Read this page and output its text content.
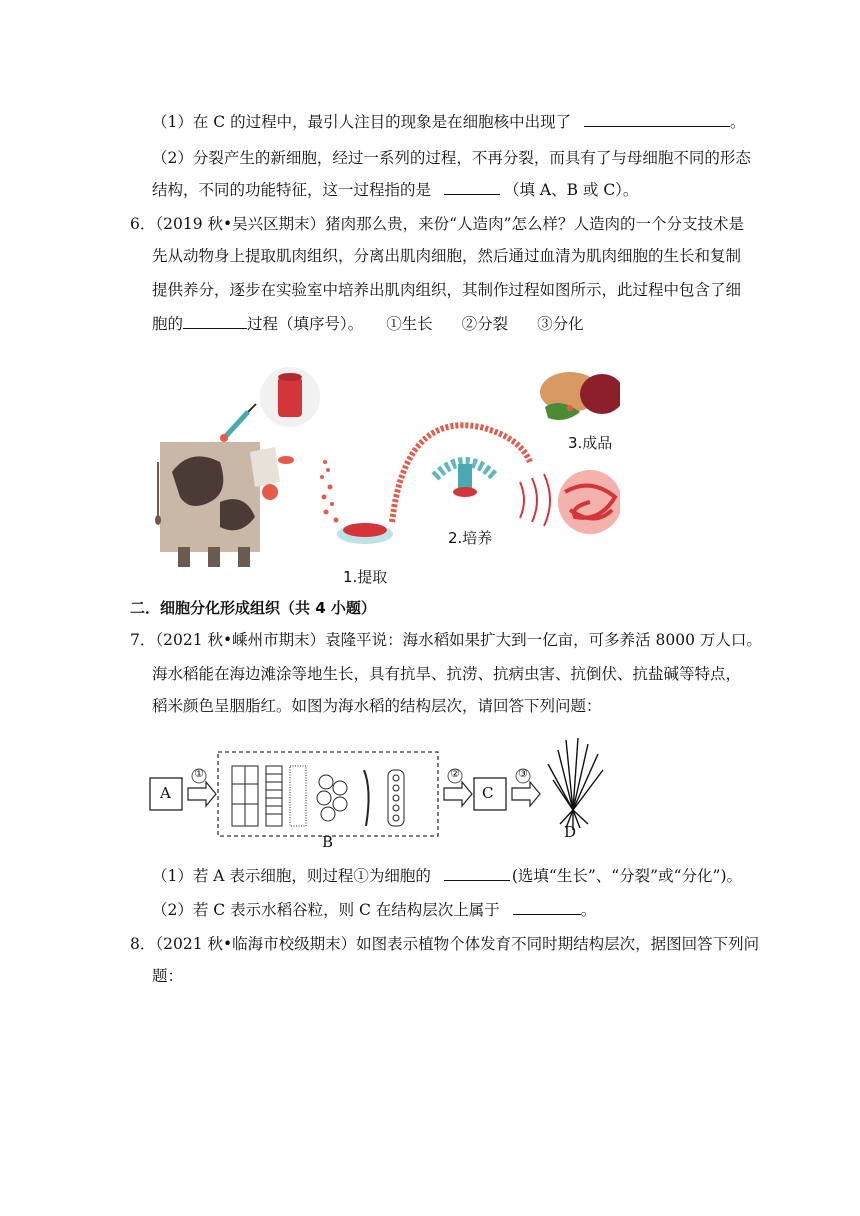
（1）在 C 的过程中，最引人注目的现象是在细胞核中出现了	。
（2）分裂产生的新细胞，经过一系列的过程，不再分裂，而具有了与母细胞不同的形态
结构，不同的功能特征，这一过程指的是	（填 A、B 或 C）。
6．（2019 秋•吴兴区期末）猪肉那么贵，来份“人造肉”怎么样？人造肉的一个分支技术是
先从动物身上提取肌肉组织，分离出肌肉细胞，然后通过血清为肌肉细胞的生长和复制
提供养分，逐步在实验室中培养出肌肉组织，其制作过程如图所示，此过程中包含了细
胞的	过程（填序号）。 ①生长 ②分裂 ③分化
3.成品
2.培养
1.提取
二．细胞分化形成组织（共 4 小题）
7．（2021 秋•嵊州市期末）袁隆平说：海水稻如果扩大到一亿亩，可多养活 8000 万人口。
海水稻能在海边滩涂等地生长，具有抗旱、抗涝、抗病虫害、抗倒伏、抗盐碱等特点，
稻米颜色呈胭脂红。如图为海水稻的结构层次，请回答下列问题：
A
①
C
②	③
B
D
（1）若 A 表示细胞，则过程①为细胞的	(选填“生长”、“分裂”或“分化”)。
（2）若 C 表示水稻谷粒，则 C 在结构层次上属于	。
8．（2021 秋•临海市校级期末）如图表示植物个体发育不同时期结构层次，据图回答下列问
题：
